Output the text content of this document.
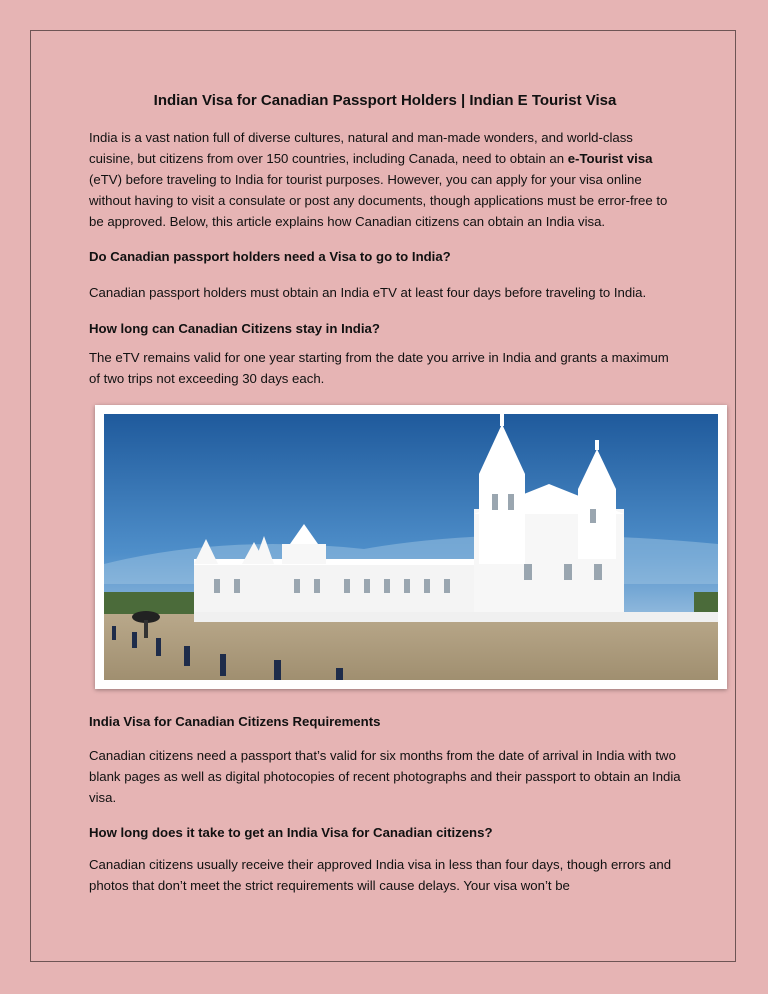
Indian Visa for Canadian Passport Holders | Indian E Tourist Visa

India is a vast nation full of diverse cultures, natural and man-made wonders, and world-class cuisine, but citizens from over 150 countries, including Canada, need to obtain an e-Tourist visa (eTV) before traveling to India for tourist purposes. However, you can apply for your visa online without having to visit a consulate or post any documents, though applications must be error-free to be approved. Below, this article explains how Canadian citizens can obtain an India visa.

Do Canadian passport holders need a Visa to go to India?

Canadian passport holders must obtain an India eTV at least four days before traveling to India.

How long can Canadian Citizens stay in India?

The eTV remains valid for one year starting from the date you arrive in India and grants a maximum of two trips not exceeding 30 days each.

India Visa for Canadian Citizens Requirements

Canadian citizens need a passport that’s valid for six months from the date of arrival in India with two blank pages as well as digital photocopies of recent photographs and their passport to obtain an India visa.

How long does it take to get an India Visa for Canadian citizens?

Canadian citizens usually receive their approved India visa in less than four days, though errors and photos that don’t meet the strict requirements will cause delays. Your visa won’t be
